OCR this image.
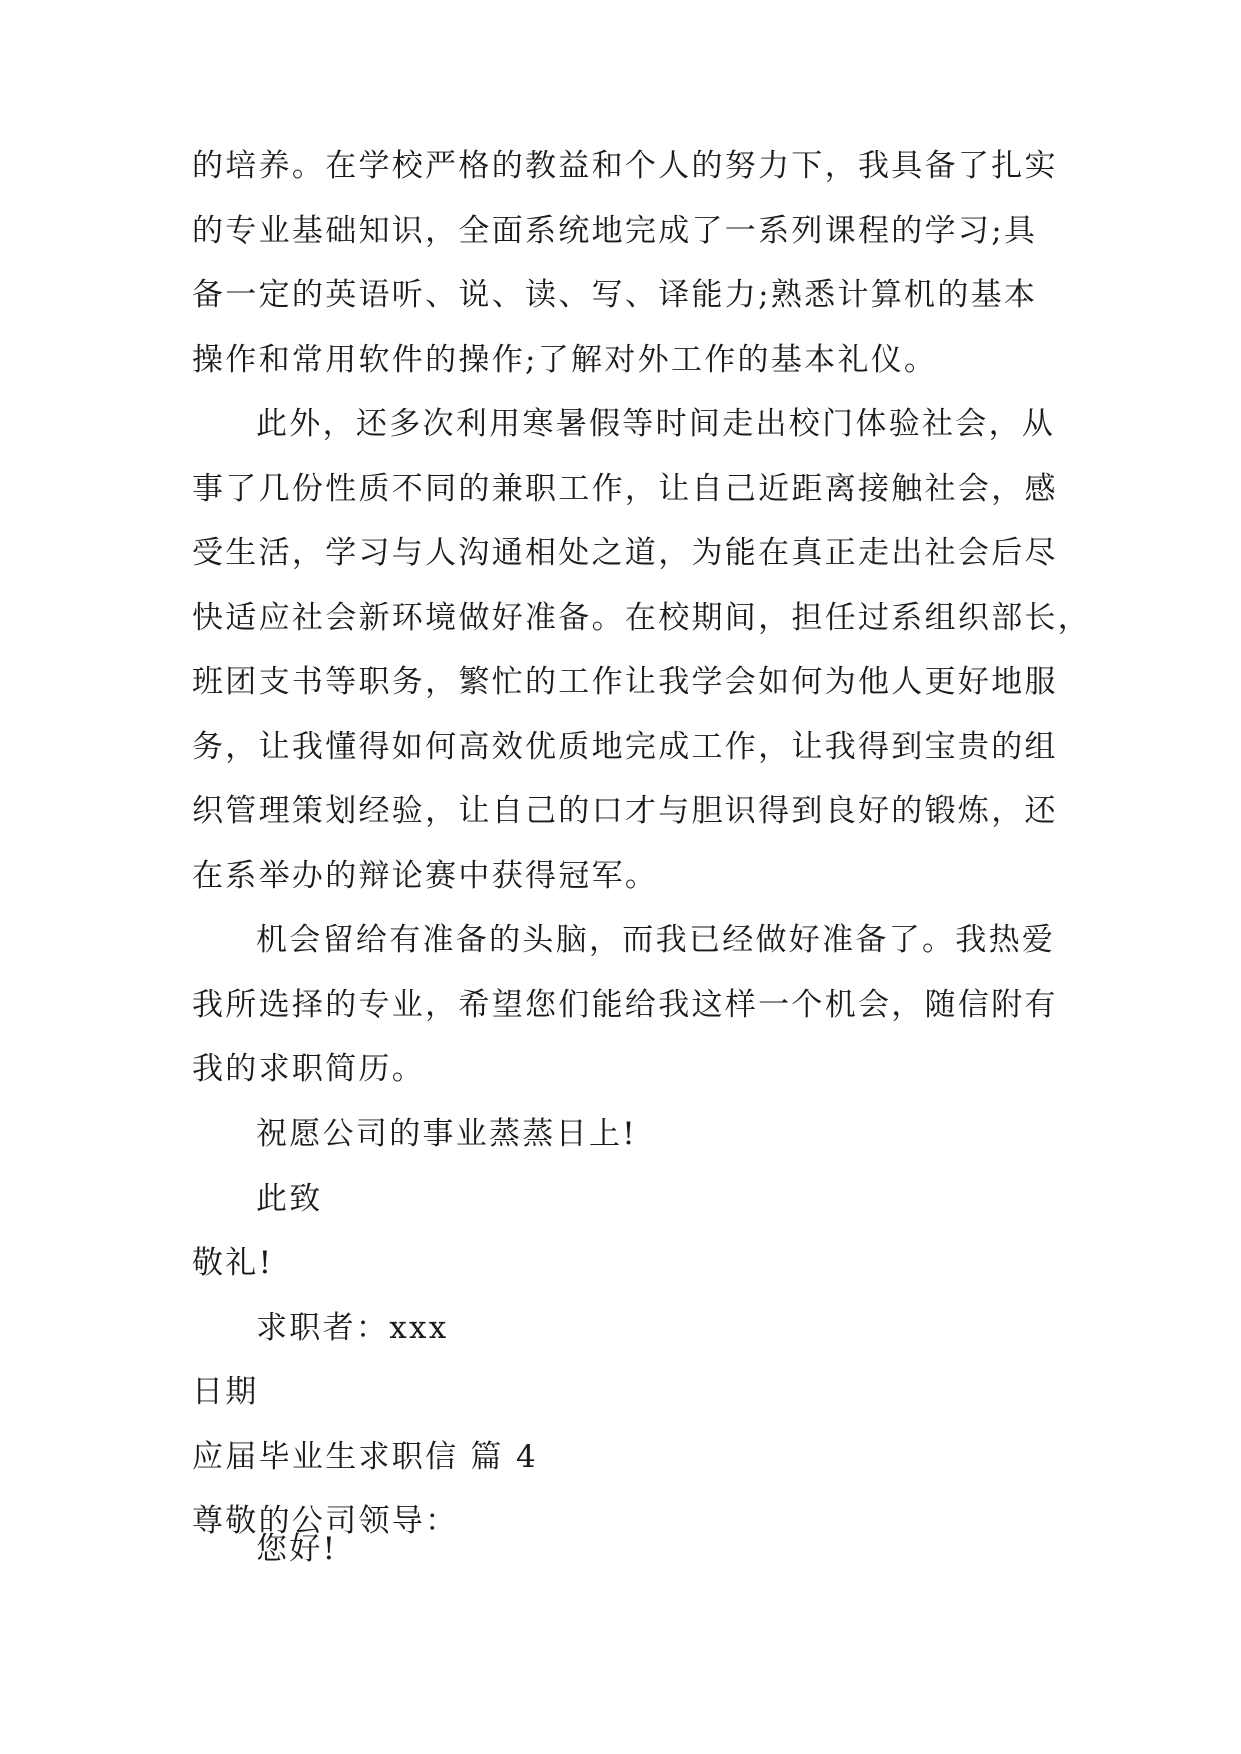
的培养。在学校严格的教益和个人的努力下，我具备了扎实
的专业基础知识，全面系统地完成了一系列课程的学习;具
备一定的英语听、说、读、写、译能力;熟悉计算机的基本
操作和常用软件的操作;了解对外工作的基本礼仪。
此外，还多次利用寒暑假等时间走出校门体验社会，从
事了几份性质不同的兼职工作，让自己近距离接触社会，感
受生活，学习与人沟通相处之道，为能在真正走出社会后尽
快适应社会新环境做好准备。在校期间，担任过系组织部长，
班团支书等职务，繁忙的工作让我学会如何为他人更好地服
务，让我懂得如何高效优质地完成工作，让我得到宝贵的组
织管理策划经验，让自己的口才与胆识得到良好的锻炼，还
在系举办的辩论赛中获得冠军。
机会留给有准备的头脑，而我已经做好准备了。我热爱
我所选择的专业，希望您们能给我这样一个机会，随信附有
我的求职简历。
祝愿公司的事业蒸蒸日上!
此致
敬礼!
求职者：xxx
日期
应届毕业生求职信 篇 4
尊敬的公司领导：
您好!
